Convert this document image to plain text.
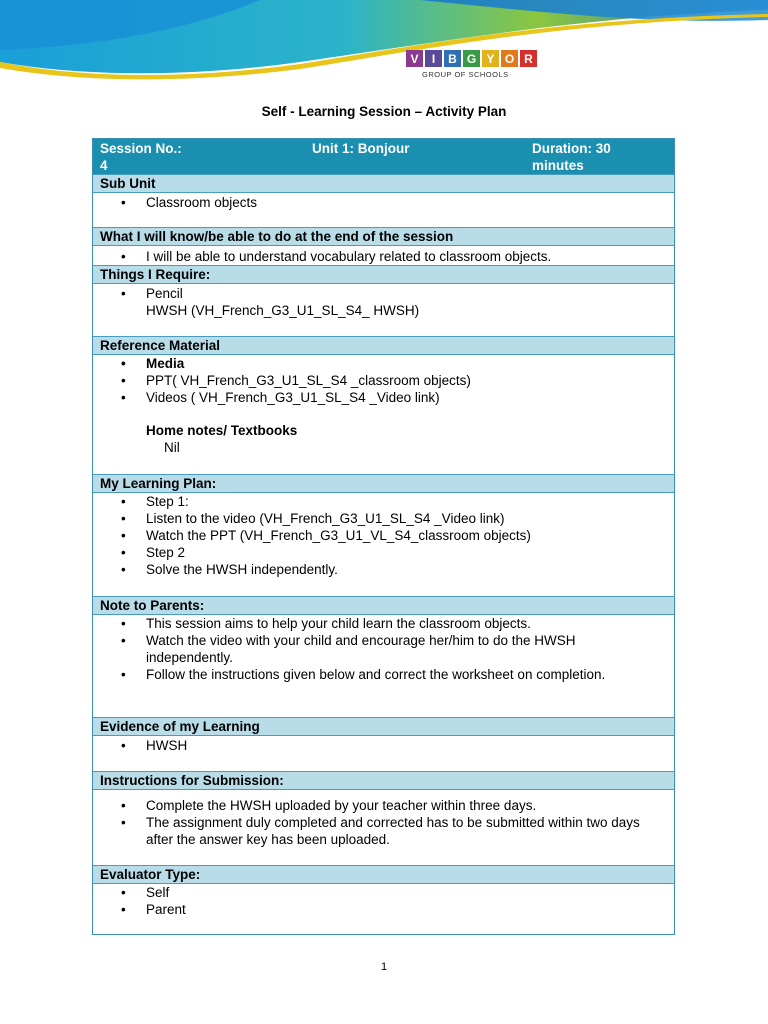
V	I	B G Y O R
GROUP OF SCHOOLS
Self - Learning Session – Activity Plan
Session No.:
4
Unit 1: Bonjour	Duration: 30
minutes
Sub Unit
• Classroom objects
What I will know/be able to do at the end of the session
• I will be able to understand vocabulary related to classroom objects.
Things I Require:
• Pencil
HWSH (VH_French_G3_U1_SL_S4_ HWSH)
Reference Material
• Media
• PPT( VH_French_G3_U1_SL_S4 _classroom objects)
• Videos ( VH_French_G3_U1_SL_S4 _Video link)
Home notes/ Textbooks
Nil
My Learning Plan:
• Step 1:
• Listen to the video (VH_French_G3_U1_SL_S4 _Video link)
• Watch the PPT (VH_French_G3_U1_VL_S4_classroom objects)
• Step 2
• Solve the HWSH independently.
Note to Parents:
• This session aims to help your child learn the classroom objects.
• Watch the video with your child and encourage her/him to do the HWSH independently.
• Follow the instructions given below and correct the worksheet on completion.
Evidence of my Learning
• HWSH
Instructions for Submission:
• Complete the HWSH uploaded by your teacher within three days.
• The assignment duly completed and corrected has to be submitted within two days after the answer key has been uploaded.
Evaluator Type:
• Self
• Parent
1
